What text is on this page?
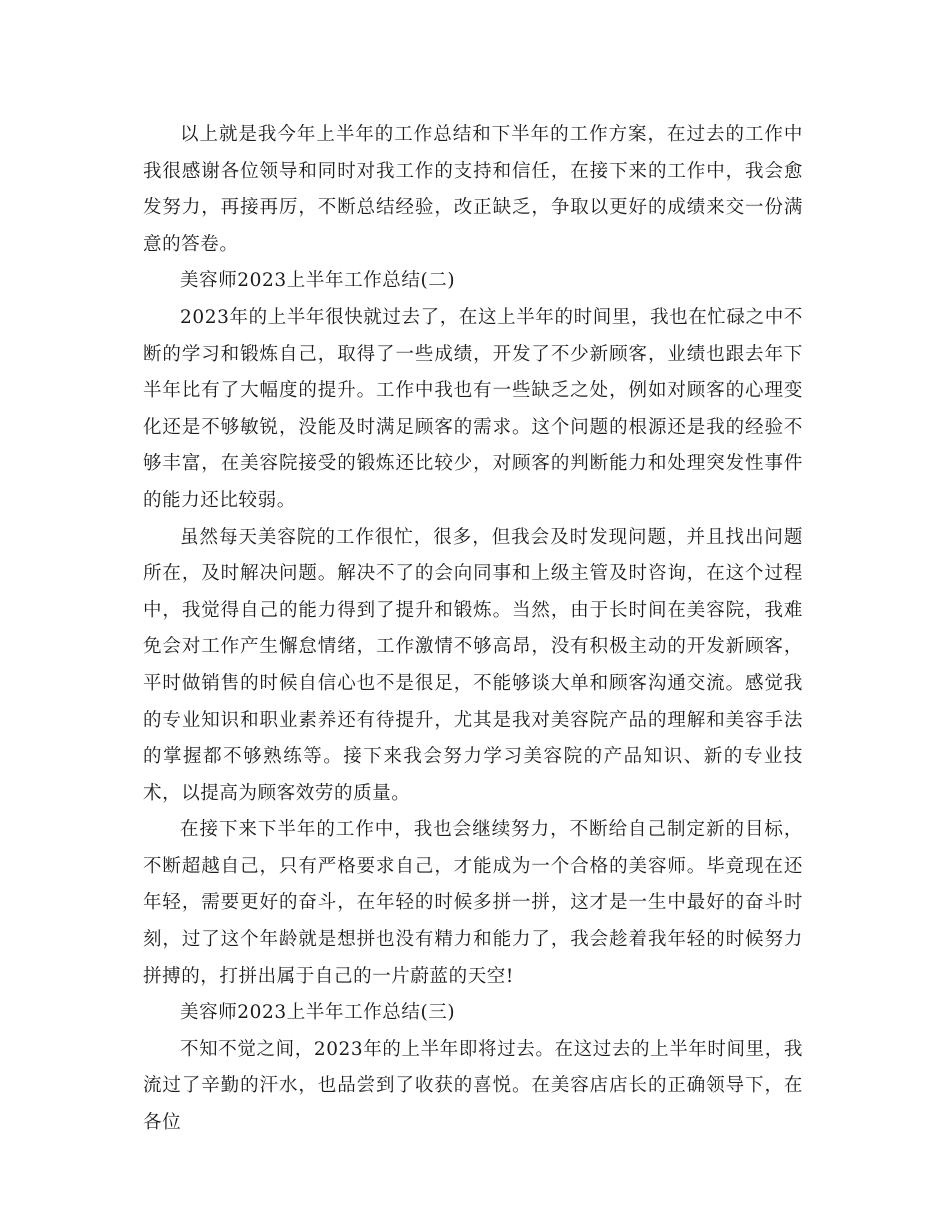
以上就是我今年上半年的工作总结和下半年的工作方案，在过去的工作中我很感谢各位领导和同时对我工作的支持和信任，在接下来的工作中，我会愈发努力，再接再厉，不断总结经验，改正缺乏，争取以更好的成绩来交一份满意的答卷。

美容师2023上半年工作总结(二)

2023年的上半年很快就过去了，在这上半年的时间里，我也在忙碌之中不断的学习和锻炼自己，取得了一些成绩，开发了不少新顾客，业绩也跟去年下半年比有了大幅度的提升。工作中我也有一些缺乏之处，例如对顾客的心理变化还是不够敏锐，没能及时满足顾客的需求。这个问题的根源还是我的经验不够丰富，在美容院接受的锻炼还比较少，对顾客的判断能力和处理突发性事件的能力还比较弱。

虽然每天美容院的工作很忙，很多，但我会及时发现问题，并且找出问题所在，及时解决问题。解决不了的会向同事和上级主管及时咨询，在这个过程中，我觉得自己的能力得到了提升和锻炼。当然，由于长时间在美容院，我难免会对工作产生懈怠情绪，工作激情不够高昂，没有积极主动的开发新顾客，平时做销售的时候自信心也不是很足，不能够谈大单和顾客沟通交流。感觉我的专业知识和职业素养还有待提升，尤其是我对美容院产品的理解和美容手法的掌握都不够熟练等。接下来我会努力学习美容院的产品知识、新的专业技术，以提高为顾客效劳的质量。

在接下来下半年的工作中，我也会继续努力，不断给自己制定新的目标，不断超越自己，只有严格要求自己，才能成为一个合格的美容师。毕竟现在还年轻，需要更好的奋斗，在年轻的时候多拼一拼，这才是一生中最好的奋斗时刻，过了这个年龄就是想拼也没有精力和能力了，我会趁着我年轻的时候努力拼搏的，打拼出属于自己的一片蔚蓝的天空!

美容师2023上半年工作总结(三)

不知不觉之间，2023年的上半年即将过去。在这过去的上半年时间里，我流过了辛勤的汗水，也品尝到了收获的喜悦。在美容店店长的正确领导下，在各位
